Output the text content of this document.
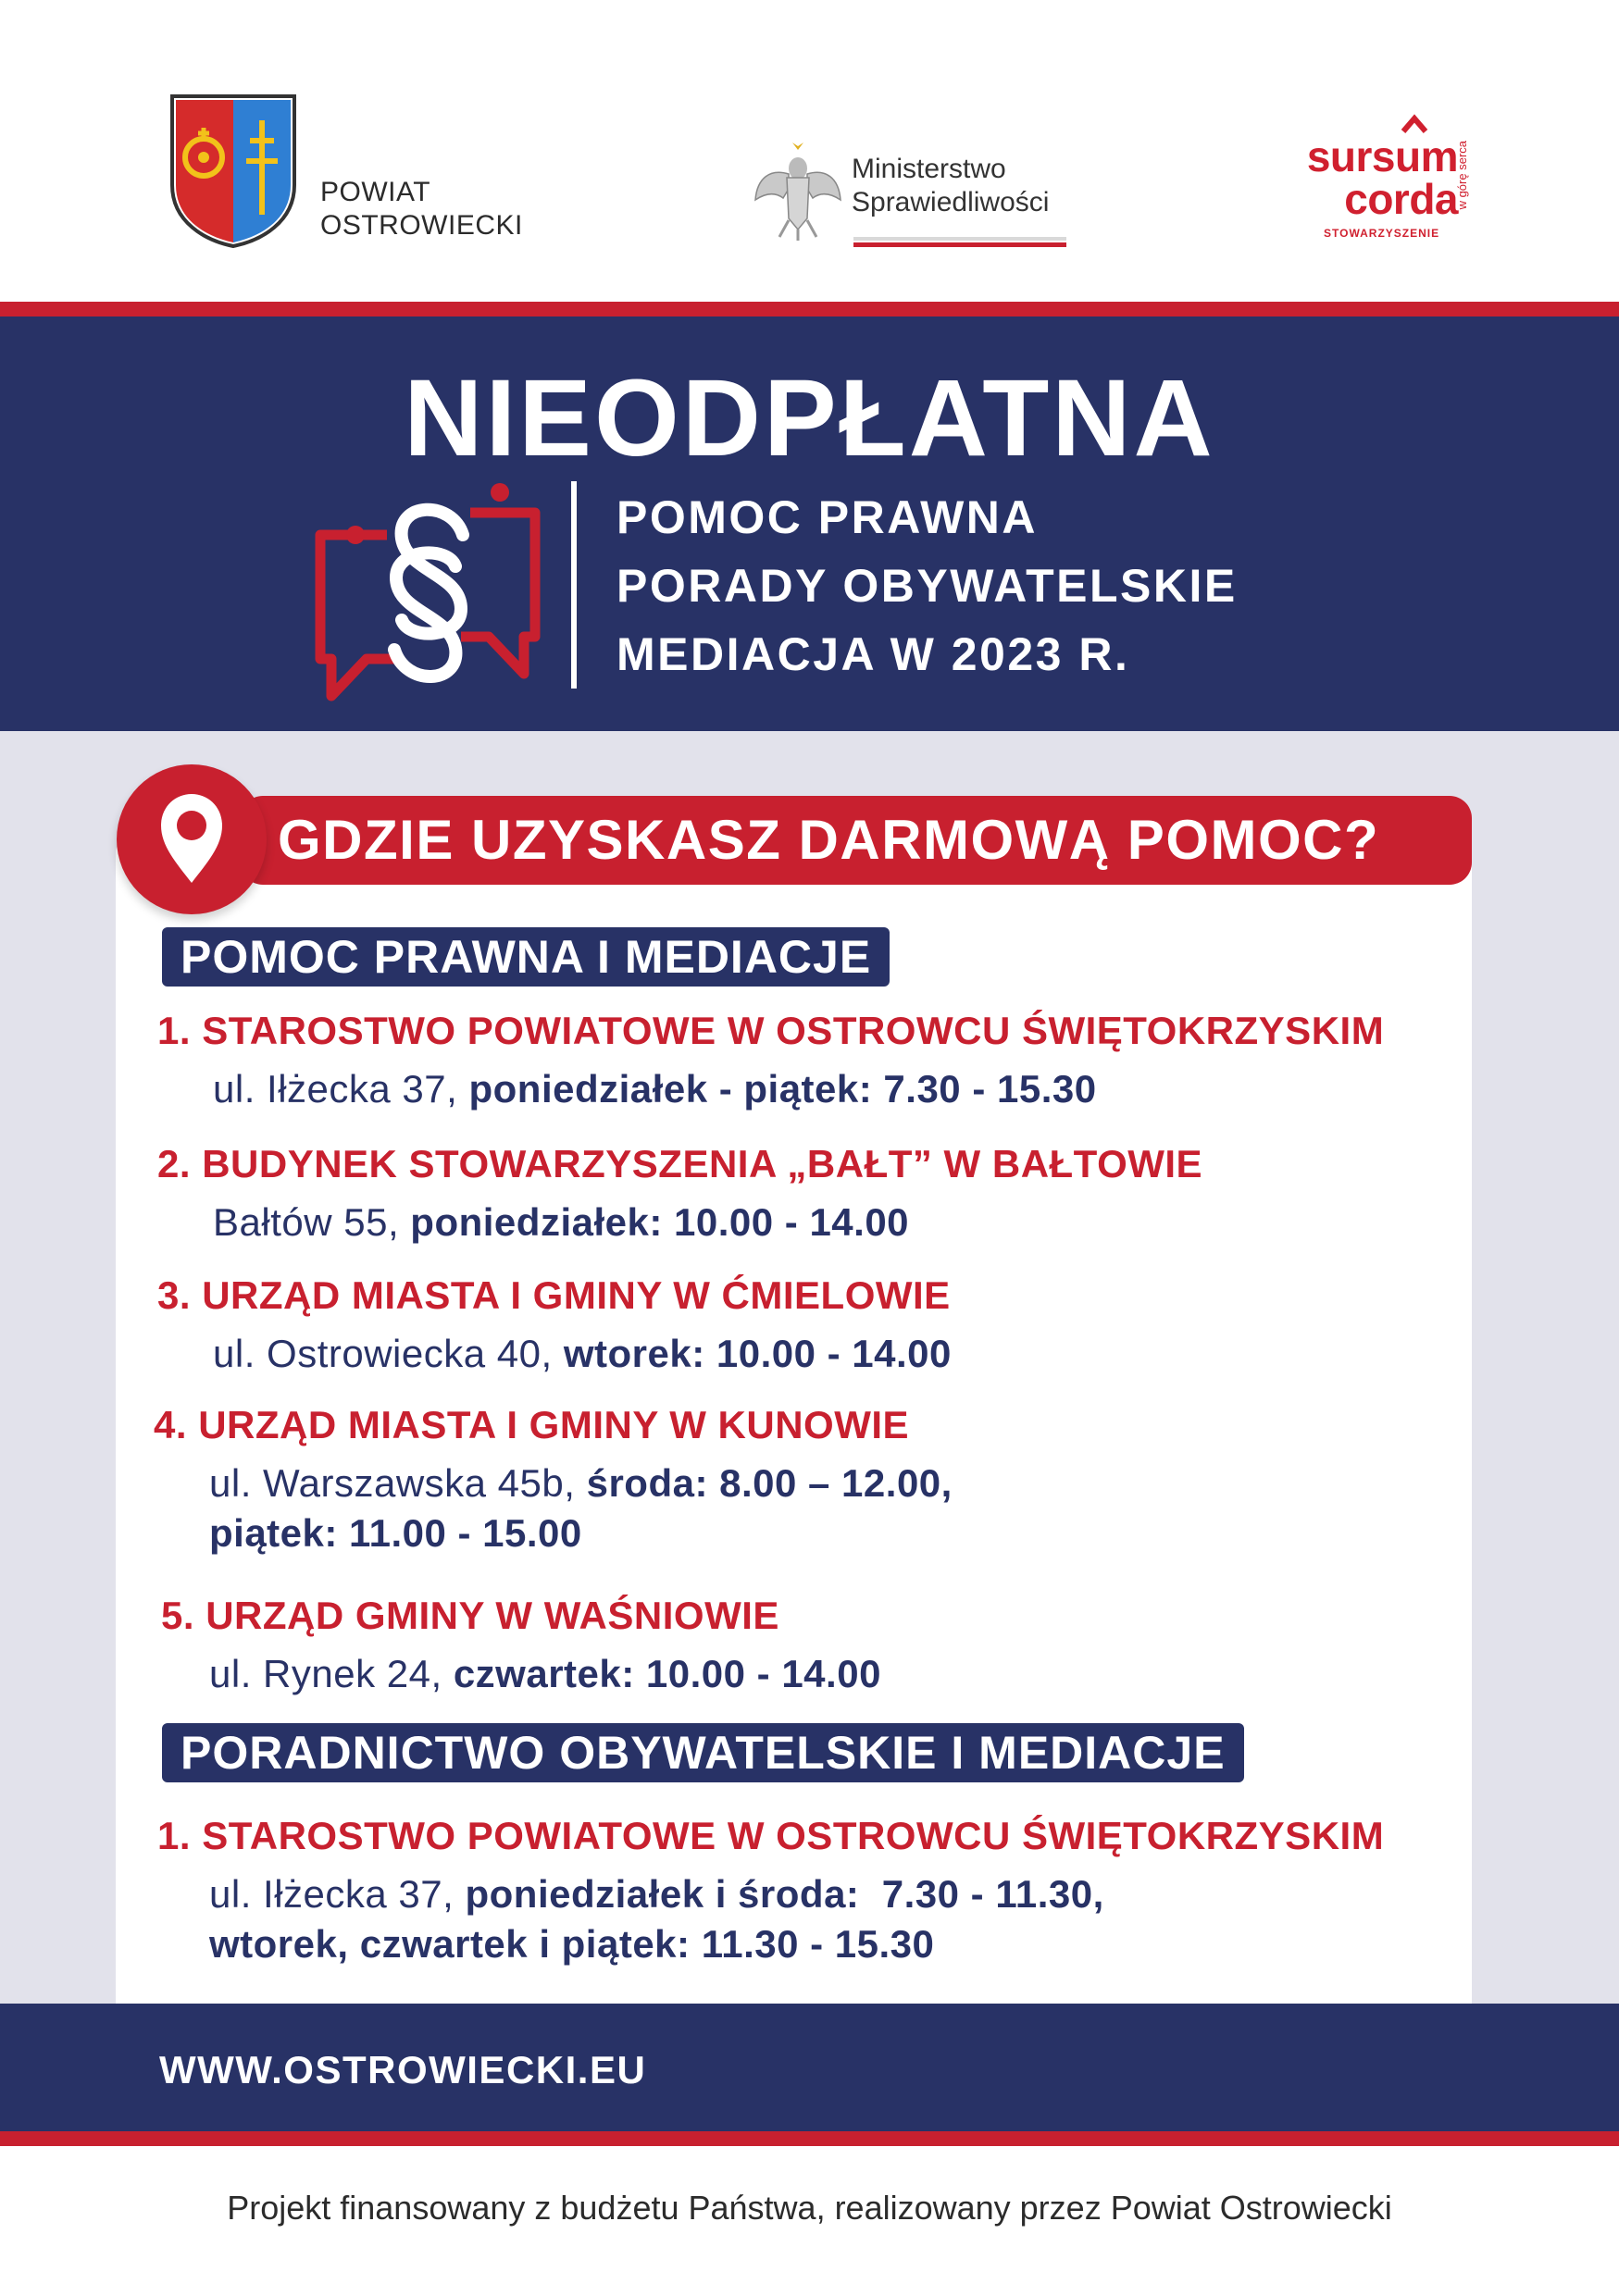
POWIAT
OSTROWIECKI
Ministerstwo
Sprawiedliwości
sursum
corda
STOWARZYSZENIE
w górę serca
NIEODPŁATNA
POMOC PRAWNA
PORADY OBYWATELSKIE
MEDIACJA W 2023 R.
GDZIE UZYSKASZ DARMOWĄ POMOC?
POMOC PRAWNA I MEDIACJE
1. STAROSTWO POWIATOWE W OSTROWCU ŚWIĘTOKRZYSKIM
ul. Iłżecka 37, poniedziałek - piątek: 7.30 - 15.30
2. BUDYNEK STOWARZYSZENIA „BAŁT” W BAŁTOWIE
Bałtów 55, poniedziałek: 10.00 - 14.00
3. URZĄD MIASTA I GMINY W ĆMIELOWIE
ul. Ostrowiecka 40, wtorek: 10.00 - 14.00
4. URZĄD MIASTA I GMINY W KUNOWIE
ul. Warszawska 45b, środa: 8.00 – 12.00,
piątek: 11.00 - 15.00
5. URZĄD GMINY W WAŚNIOWIE
ul. Rynek 24, czwartek: 10.00 - 14.00
PORADNICTWO OBYWATELSKIE I MEDIACJE
1. STAROSTWO POWIATOWE W OSTROWCU ŚWIĘTOKRZYSKIM
ul. Iłżecka 37, poniedziałek i środa:  7.30 - 11.30,
wtorek, czwartek i piątek: 11.30 - 15.30
WWW.OSTROWIECKI.EU
Projekt finansowany z budżetu Państwa, realizowany przez Powiat Ostrowiecki
